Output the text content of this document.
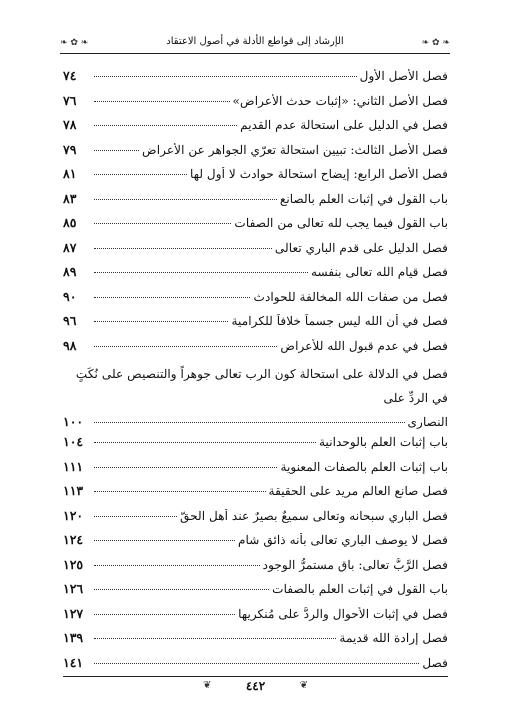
❧ ✿ ❧
❧ ✿ ❧	الإرشاد إلى قواطع الأدلة في أصول الاعتقاد
فصل الأصل الأول
٧٤
فصل الأصل الثاني: «إثبات حدث الأعراض»
٧٦
فصل في الدليل على استحالة عدم القديم
٧٨
فصل الأصل الثالث: تبيين استحالة تعرّي الجواهر عن الأعراض
٧٩
فصل الأصل الرابع: إيضاح استحالة حوادث لا أول لها
٨١
باب القول في إثبات العلم بالصانع
٨٣
باب القول فيما يجب لله تعالى من الصفات
٨٥
فصل الدليل على قدم الباري تعالى
٨٧
فصل قيام الله تعالى بنفسه
٨٩
فصل من صفات الله المخالفة للحوادث
٩٠
فصل في أن الله ليس جسماً خلافاً للكرامية
٩٦
فصل في عدم قبول الله للأعراض
٩٨
فصل في الدلالة على استحالة كون الرب تعالى جوهراً والتنصيص على نُكَتٍ في الردِّ على
النصارى
١٠٠
باب إثبات العلم بالوحدانية
١٠٤
باب إثبات العلم بالصفات المعنوية
١١١
فصل صانع العالم مريد على الحقيقة
١١٣
فصل الباري سبحانه وتعالى سميعٌ بصيرٌ عند أهل الحقّ
١٢٠
فصل لا يوصف الباري تعالى بأنه ذائق شام
١٢٤
فصل الرَّبُّ تعالى: باق مستمرُّ الوجود
١٢٥
باب القول في إثبات العلم بالصفات
١٢٦
فصل في إثبات الأحوال والردُّ على مُنكريها
١٢٧
فصل إرادة الله قديمة
١٣٩
فصل
١٤١
❦
٤٤٢
❦
